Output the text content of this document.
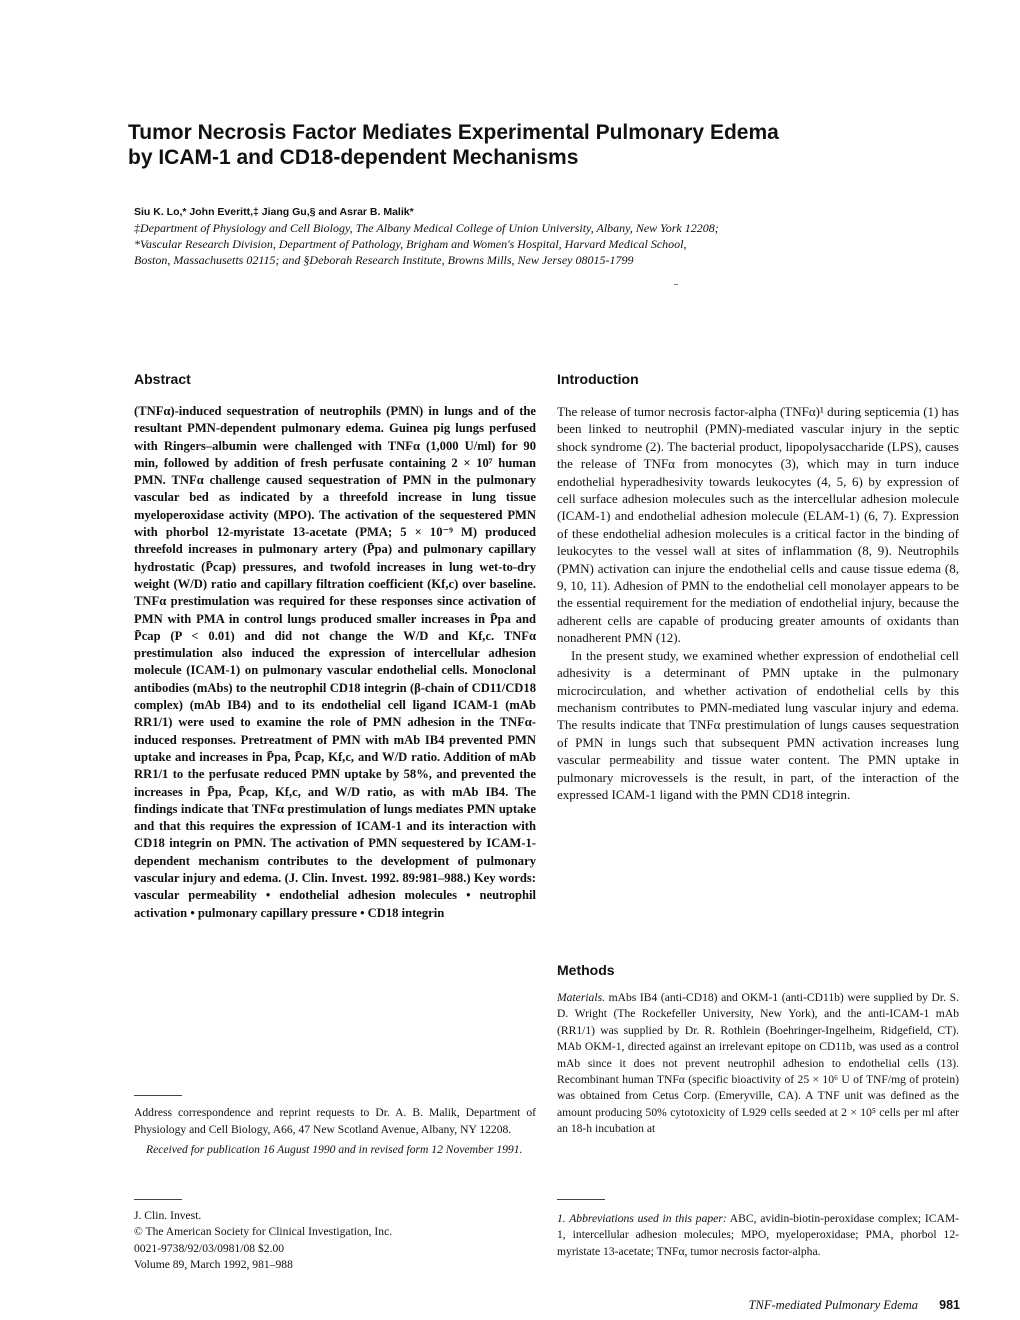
Tumor Necrosis Factor Mediates Experimental Pulmonary Edema
by ICAM-1 and CD18-dependent Mechanisms
Siu K. Lo,* John Everitt,‡ Jiang Gu,§ and Asrar B. Malik*
‡Department of Physiology and Cell Biology, The Albany Medical College of Union University, Albany, New York 12208;
*Vascular Research Division, Department of Pathology, Brigham and Women's Hospital, Harvard Medical School,
Boston, Massachusetts 02115; and §Deborah Research Institute, Browns Mills, New Jersey 08015-1799
Abstract
(TNFα)-induced sequestration of neutrophils (PMN) in lungs and of the resultant PMN-dependent pulmonary edema. Guinea pig lungs perfused with Ringers–albumin were challenged with TNFα (1,000 U/ml) for 90 min, followed by addition of fresh perfusate containing 2 × 10⁷ human PMN. TNFα challenge caused sequestration of PMN in the pulmonary vascular bed as indicated by a threefold increase in lung tissue myeloperoxidase activity (MPO). The activation of the sequestered PMN with phorbol 12-myristate 13-acetate (PMA; 5 × 10⁻⁹ M) produced threefold increases in pulmonary artery (P̄pa) and pulmonary capillary hydrostatic (P̄cap) pressures, and twofold increases in lung wet-to-dry weight (W/D) ratio and capillary filtration coefficient (Kf,c) over baseline. TNFα prestimulation was required for these responses since activation of PMN with PMA in control lungs produced smaller increases in P̄pa and P̄cap (P < 0.01) and did not change the W/D and Kf,c. TNFα prestimulation also induced the expression of intercellular adhesion molecule (ICAM-1) on pulmonary vascular endothelial cells. Monoclonal antibodies (mAbs) to the neutrophil CD18 integrin (β-chain of CD11/CD18 complex) (mAb IB4) and to its endothelial cell ligand ICAM-1 (mAb RR1/1) were used to examine the role of PMN adhesion in the TNFα-induced responses. Pretreatment of PMN with mAb IB4 prevented PMN uptake and increases in P̄pa, P̄cap, Kf,c, and W/D ratio. Addition of mAb RR1/1 to the perfusate reduced PMN uptake by 58%, and prevented the increases in P̄pa, P̄cap, Kf,c, and W/D ratio, as with mAb IB4. The findings indicate that TNFα prestimulation of lungs mediates PMN uptake and that this requires the expression of ICAM-1 and its interaction with CD18 integrin on PMN. The activation of PMN sequestered by ICAM-1-dependent mechanism contributes to the development of pulmonary vascular injury and edema. (J. Clin. Invest. 1992. 89:981–988.) Key words: vascular permeability • endothelial adhesion molecules • neutrophil activation • pulmonary capillary pressure • CD18 integrin
Introduction

The release of tumor necrosis factor-alpha (TNFα)¹ during septicemia (1) has been linked to neutrophil (PMN)-mediated vascular injury in the septic shock syndrome (2). The bacterial product, lipopolysaccharide (LPS), causes the release of TNFα from monocytes (3), which may in turn induce endothelial hyperadhesivity towards leukocytes (4, 5, 6) by expression of cell surface adhesion molecules such as the intercellular adhesion molecule (ICAM-1) and endothelial adhesion molecule (ELAM-1) (6, 7). Expression of these endothelial adhesion molecules is a critical factor in the binding of leukocytes to the vessel wall at sites of inflammation (8, 9). Neutrophils (PMN) activation can injure the endothelial cells and cause tissue edema (8, 9, 10, 11). Adhesion of PMN to the endothelial cell monolayer appears to be the essential requirement for the mediation of endothelial injury, because the adherent cells are capable of producing greater amounts of oxidants than nonadherent PMN (12).

In the present study, we examined whether expression of endothelial cell adhesivity is a determinant of PMN uptake in the pulmonary microcirculation, and whether activation of endothelial cells by this mechanism contributes to PMN-mediated lung vascular injury and edema. The results indicate that TNFα prestimulation of lungs causes sequestration of PMN in lungs such that subsequent PMN activation increases lung vascular permeability and tissue water content. The PMN uptake in pulmonary microvessels is the result, in part, of the interaction of the expressed ICAM-1 ligand with the PMN CD18 integrin.

Methods
Materials. mAbs IB4 (anti-CD18) and OKM-1 (anti-CD11b) were supplied by Dr. S. D. Wright (The Rockefeller University, New York), and the anti-ICAM-1 mAb (RR1/1) was supplied by Dr. R. Rothlein (Boehringer-Ingelheim, Ridgefield, CT). MAb OKM-1, directed against an irrelevant epitope on CD11b, was used as a control mAb since it does not prevent neutrophil adhesion to endothelial cells (13). Recombinant human TNFα (specific bioactivity of 25 × 10⁶ U of TNF/mg of protein) was obtained from Cetus Corp. (Emeryville, CA). A TNF unit was defined as the amount producing 50% cytotoxicity of L929 cells seeded at 2 × 10⁵ cells per ml after an 18-h incubation at

Address correspondence and reprint requests to Dr. A. B. Malik, Department of Physiology and Cell Biology, A66, 47 New Scotland Avenue, Albany, NY 12208.

Received for publication 16 August 1990 and in revised form 12 November 1991.

J. Clin. Invest.
© The American Society for Clinical Investigation, Inc.
0021-9738/92/03/0981/08 $2.00
Volume 89, March 1992, 981–988
1. Abbreviations used in this paper: ABC, avidin-biotin-peroxidase complex; ICAM-1, intercellular adhesion molecules; MPO, myeloperoxidase; PMA, phorbol 12-myristate 13-acetate; TNFα, tumor necrosis factor-alpha.
TNF-mediated Pulmonary Edema 981
